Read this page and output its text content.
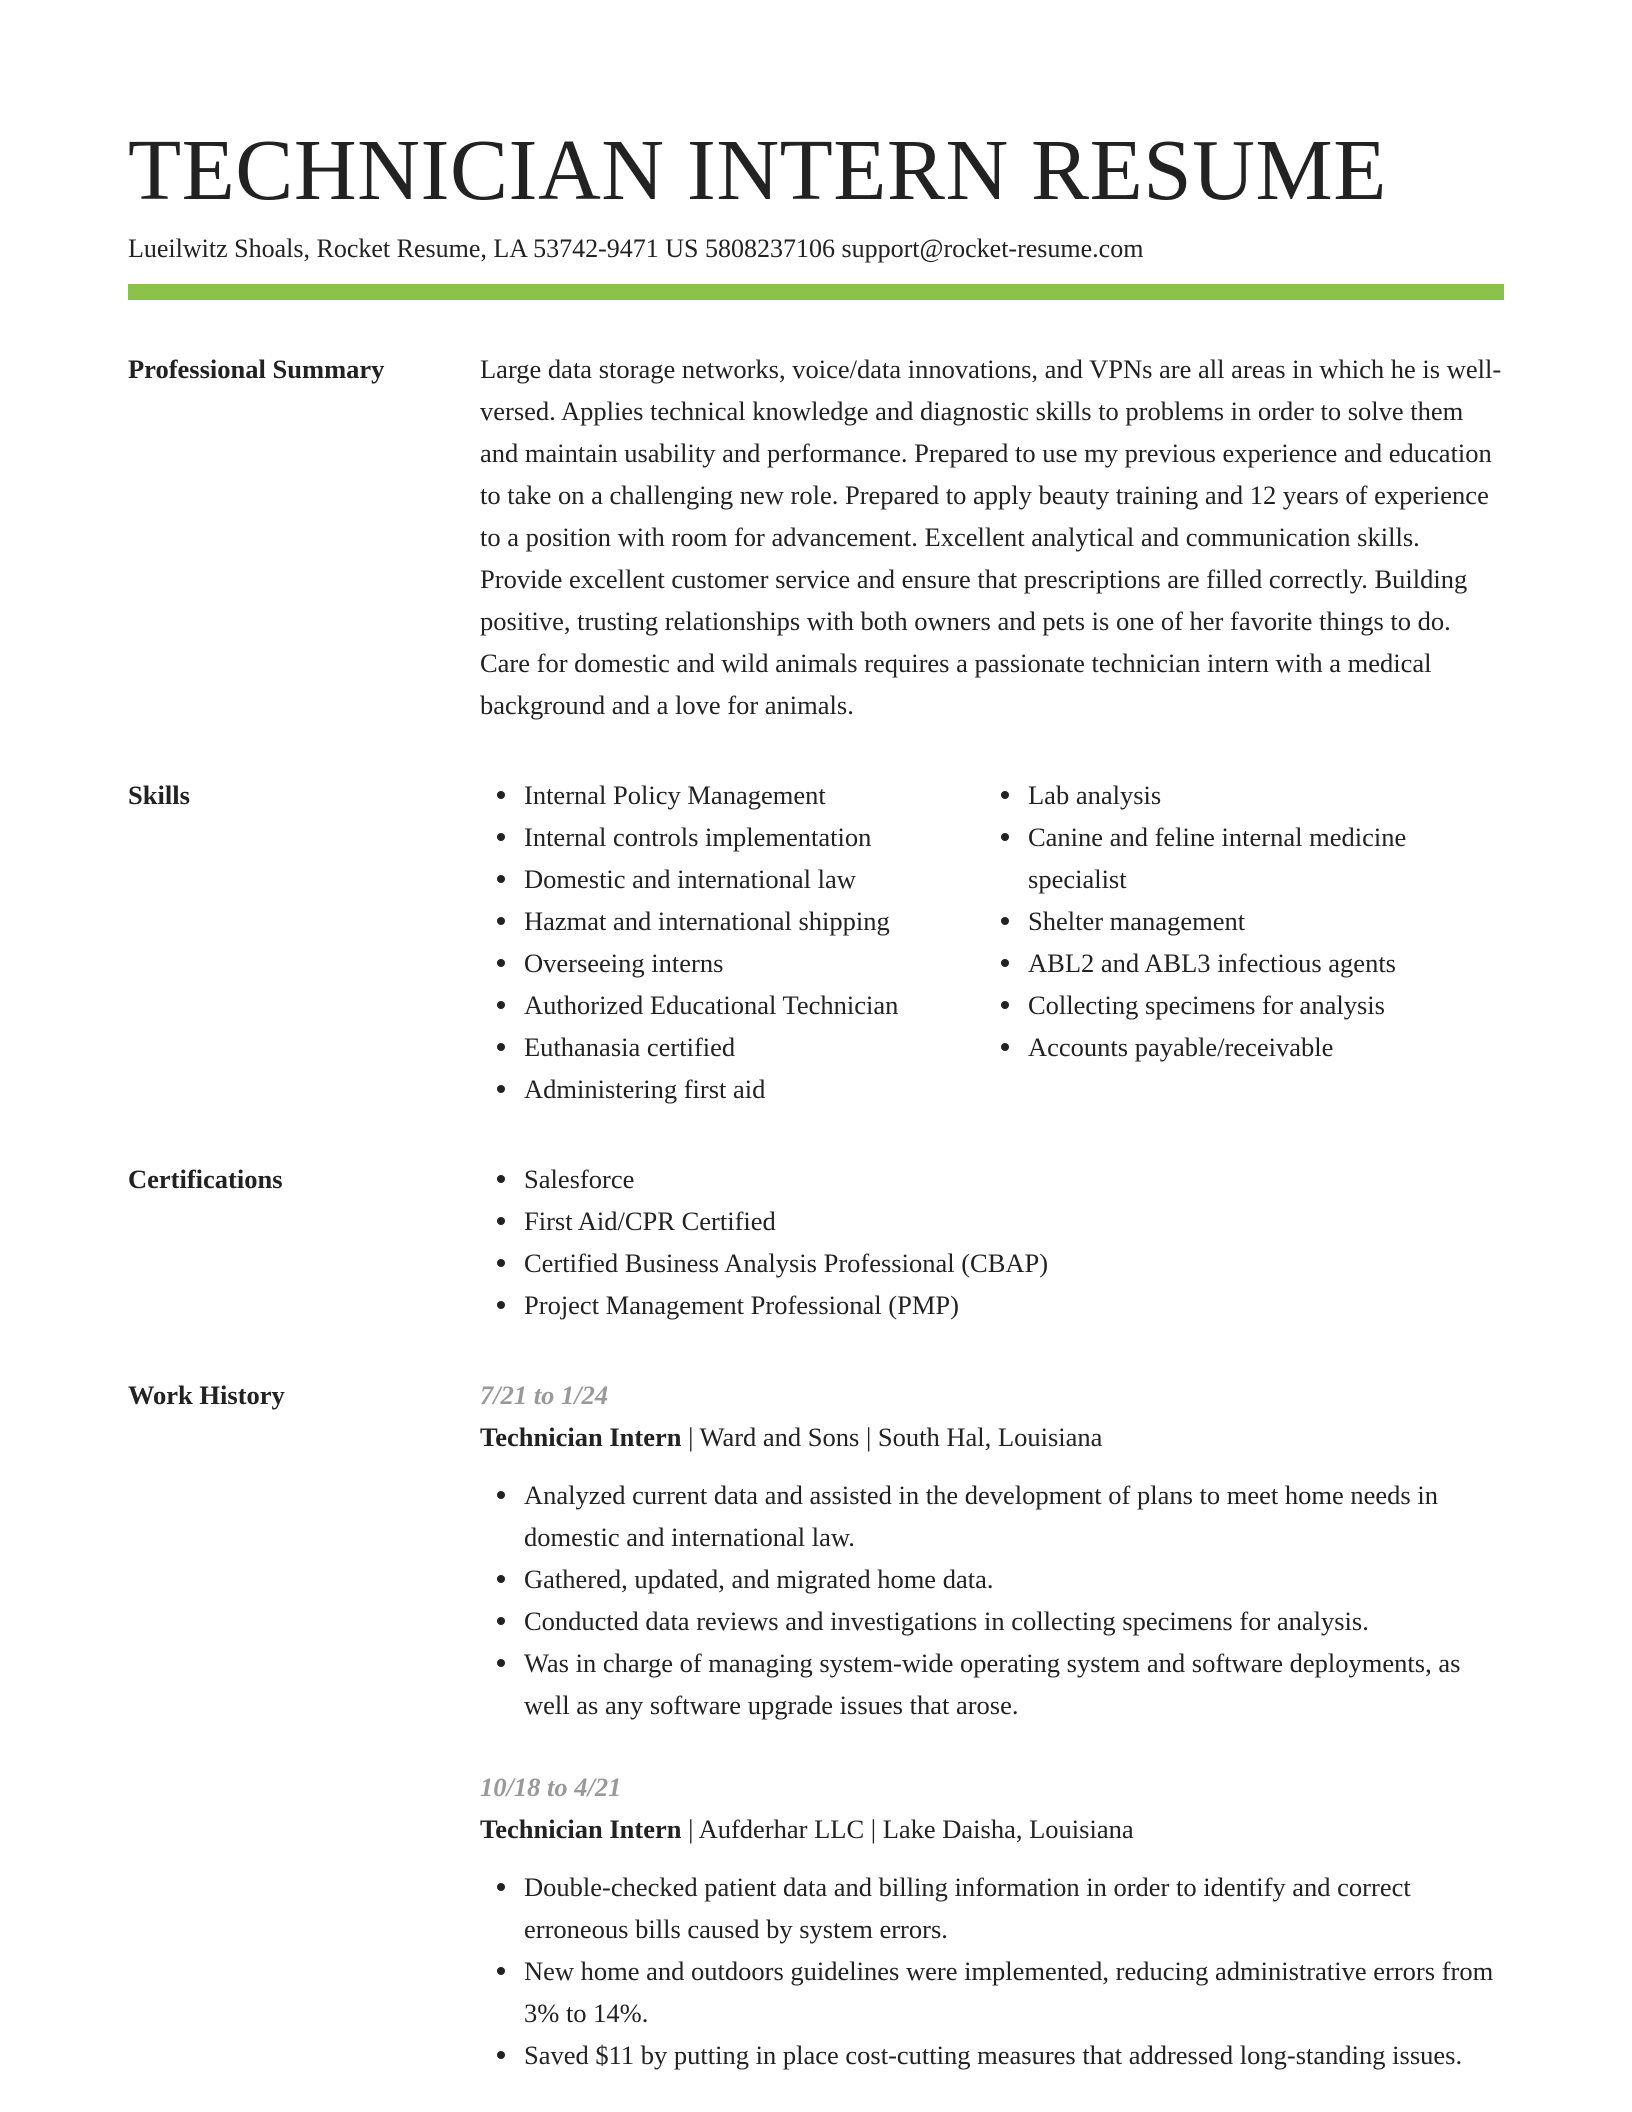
TECHNICIAN INTERN RESUME
Lueilwitz Shoals, Rocket Resume, LA 53742-9471 US 5808237106 support@rocket-resume.com
Professional Summary	Large data storage networks, voice/data innovations, and VPNs are all areas in which he is well-versed. Applies technical knowledge and diagnostic skills to problems in order to solve them and maintain usability and performance. Prepared to use my previous experience and education to take on a challenging new role. Prepared to apply beauty training and 12 years of experience to a position with room for advancement. Excellent analytical and communication skills. Provide excellent customer service and ensure that prescriptions are filled correctly. Building positive, trusting relationships with both owners and pets is one of her favorite things to do. Care for domestic and wild animals requires a passionate technician intern with a medical background and a love for animals.

Skills	Internal Policy Management
Internal controls implementation
Domestic and international law
Hazmat and international shipping
Overseeing interns
Authorized Educational Technician
Euthanasia certified
Administering first aid
Lab analysis
Canine and feline internal medicine specialist
Shelter management
ABL2 and ABL3 infectious agents
Collecting specimens for analysis
Accounts payable/receivable
Certifications	Salesforce
First Aid/CPR Certified
Certified Business Analysis Professional (CBAP)
Project Management Professional (PMP)
Work History	7/21 to 1/24
Technician Intern | Ward and Sons | South Hal, Louisiana
Analyzed current data and assisted in the development of plans to meet home needs in domestic and international law.
Gathered, updated, and migrated home data.
Conducted data reviews and investigations in collecting specimens for analysis.
Was in charge of managing system-wide operating system and software deployments, as well as any software upgrade issues that arose.
10/18 to 4/21
Technician Intern | Aufderhar LLC | Lake Daisha, Louisiana
Double-checked patient data and billing information in order to identify and correct erroneous bills caused by system errors.
New home and outdoors guidelines were implemented, reducing administrative errors from 3% to 14%.
Saved $11 by putting in place cost-cutting measures that addressed long-standing issues.
